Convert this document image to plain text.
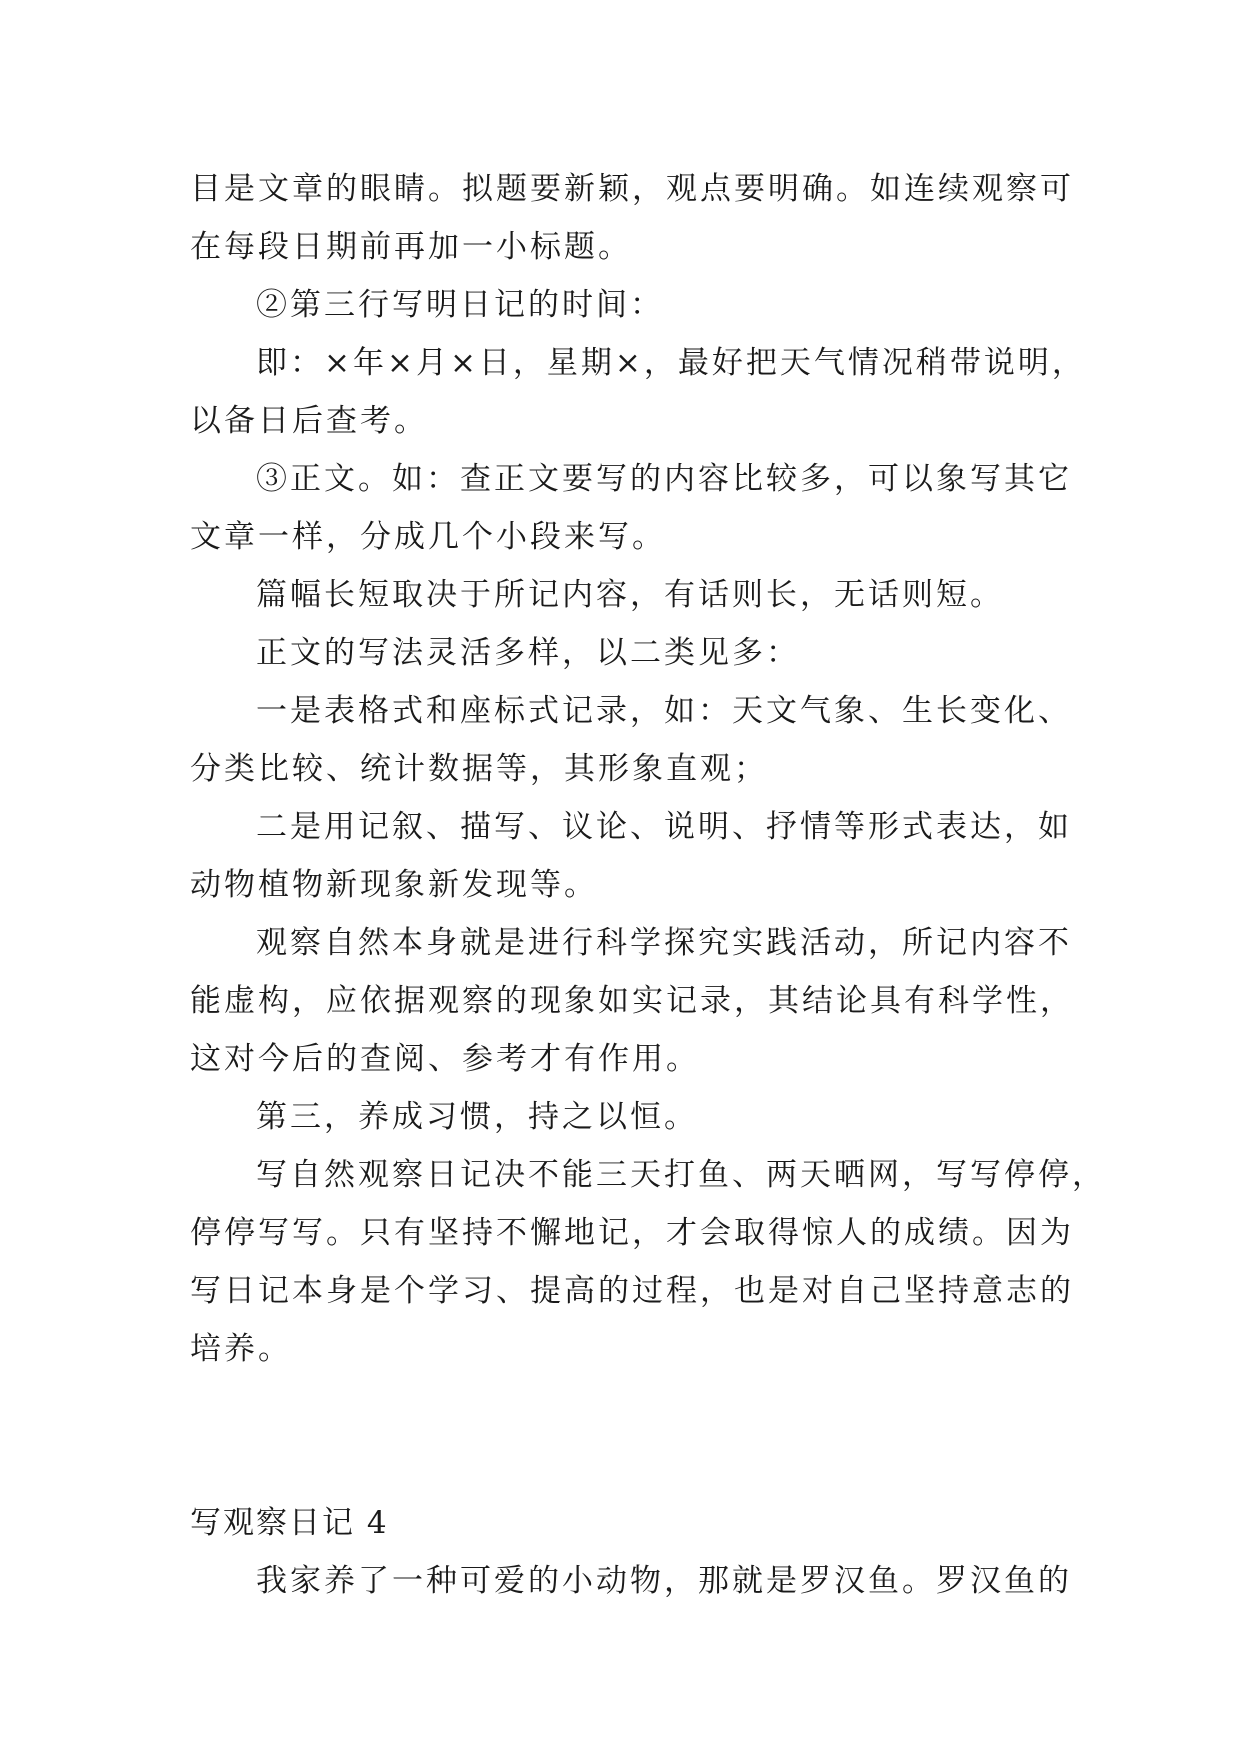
目是文章的眼睛。拟题要新颖，观点要明确。如连续观察可
在每段日期前再加一小标题。
②第三行写明日记的时间：
即：×年×月×日，星期×，最好把天气情况稍带说明，
以备日后查考。
③正文。如：查正文要写的内容比较多，可以象写其它
文章一样，分成几个小段来写。
篇幅长短取决于所记内容，有话则长，无话则短。
正文的写法灵活多样，以二类见多：
一是表格式和座标式记录，如：天文气象、生长变化、
分类比较、统计数据等，其形象直观；
二是用记叙、描写、议论、说明、抒情等形式表达，如
动物植物新现象新发现等。
观察自然本身就是进行科学探究实践活动，所记内容不
能虚构，应依据观察的现象如实记录，其结论具有科学性，
这对今后的查阅、参考才有作用。
第三，养成习惯，持之以恒。
写自然观察日记决不能三天打鱼、两天晒网，写写停停，
停停写写。只有坚持不懈地记，才会取得惊人的成绩。因为
写日记本身是个学习、提高的过程，也是对自己坚持意志的
培养。
写观察日记 4
我家养了一种可爱的小动物，那就是罗汉鱼。罗汉鱼的
